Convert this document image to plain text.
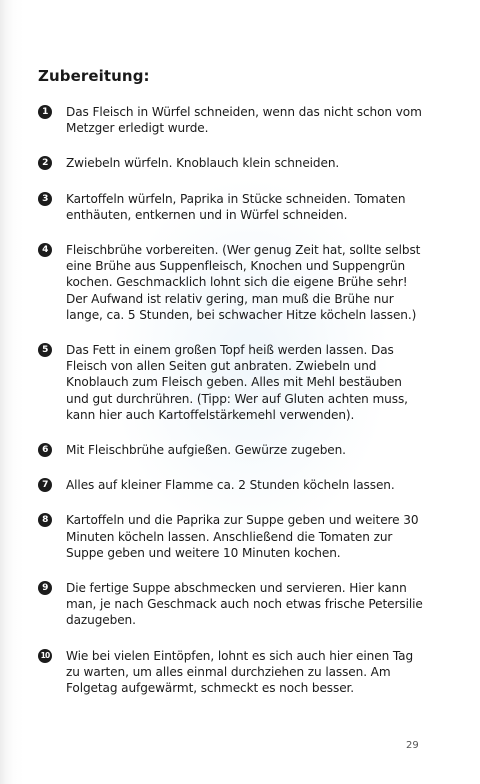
Zubereitung:
1	Das Fleisch in Würfel schneiden, wenn das nicht schon vom Metzger erledigt wurde.
2	Zwiebeln würfeln. Knoblauch klein schneiden.
3	Kartoffeln würfeln, Paprika in Stücke schneiden. Tomaten enthäuten, entkernen und in Würfel schneiden.
4	Fleischbrühe vorbereiten. (Wer genug Zeit hat, sollte selbst eine Brühe aus Suppenfleisch, Knochen und Suppengrün kochen. Geschmacklich lohnt sich die eigene Brühe sehr! Der Aufwand ist relativ gering, man muß die Brühe nur lange, ca. 5 Stunden, bei schwacher Hitze köcheln lassen.)
5	Das Fett in einem großen Topf heiß werden lassen. Das Fleisch von allen Seiten gut anbraten. Zwiebeln und Knoblauch zum Fleisch geben. Alles mit Mehl bestäuben und gut durchrühren. (Tipp: Wer auf Gluten achten muss, kann hier auch Kartoffelstärkemehl verwenden).
6	Mit Fleischbrühe aufgießen. Gewürze zugeben.
7	Alles auf kleiner Flamme ca. 2 Stunden köcheln lassen.
8	Kartoffeln und die Paprika zur Suppe geben und weitere 30 Minuten köcheln lassen. Anschließend die Tomaten zur Suppe geben und weitere 10 Minuten kochen.
9	Die fertige Suppe abschmecken und servieren. Hier kann man, je nach Geschmack auch noch etwas frische Petersilie dazugeben.
10 Wie bei vielen Eintöpfen, lohnt es sich auch hier einen Tag zu warten, um alles einmal durchziehen zu lassen. Am Folgetag aufgewärmt, schmeckt es noch besser.
29
